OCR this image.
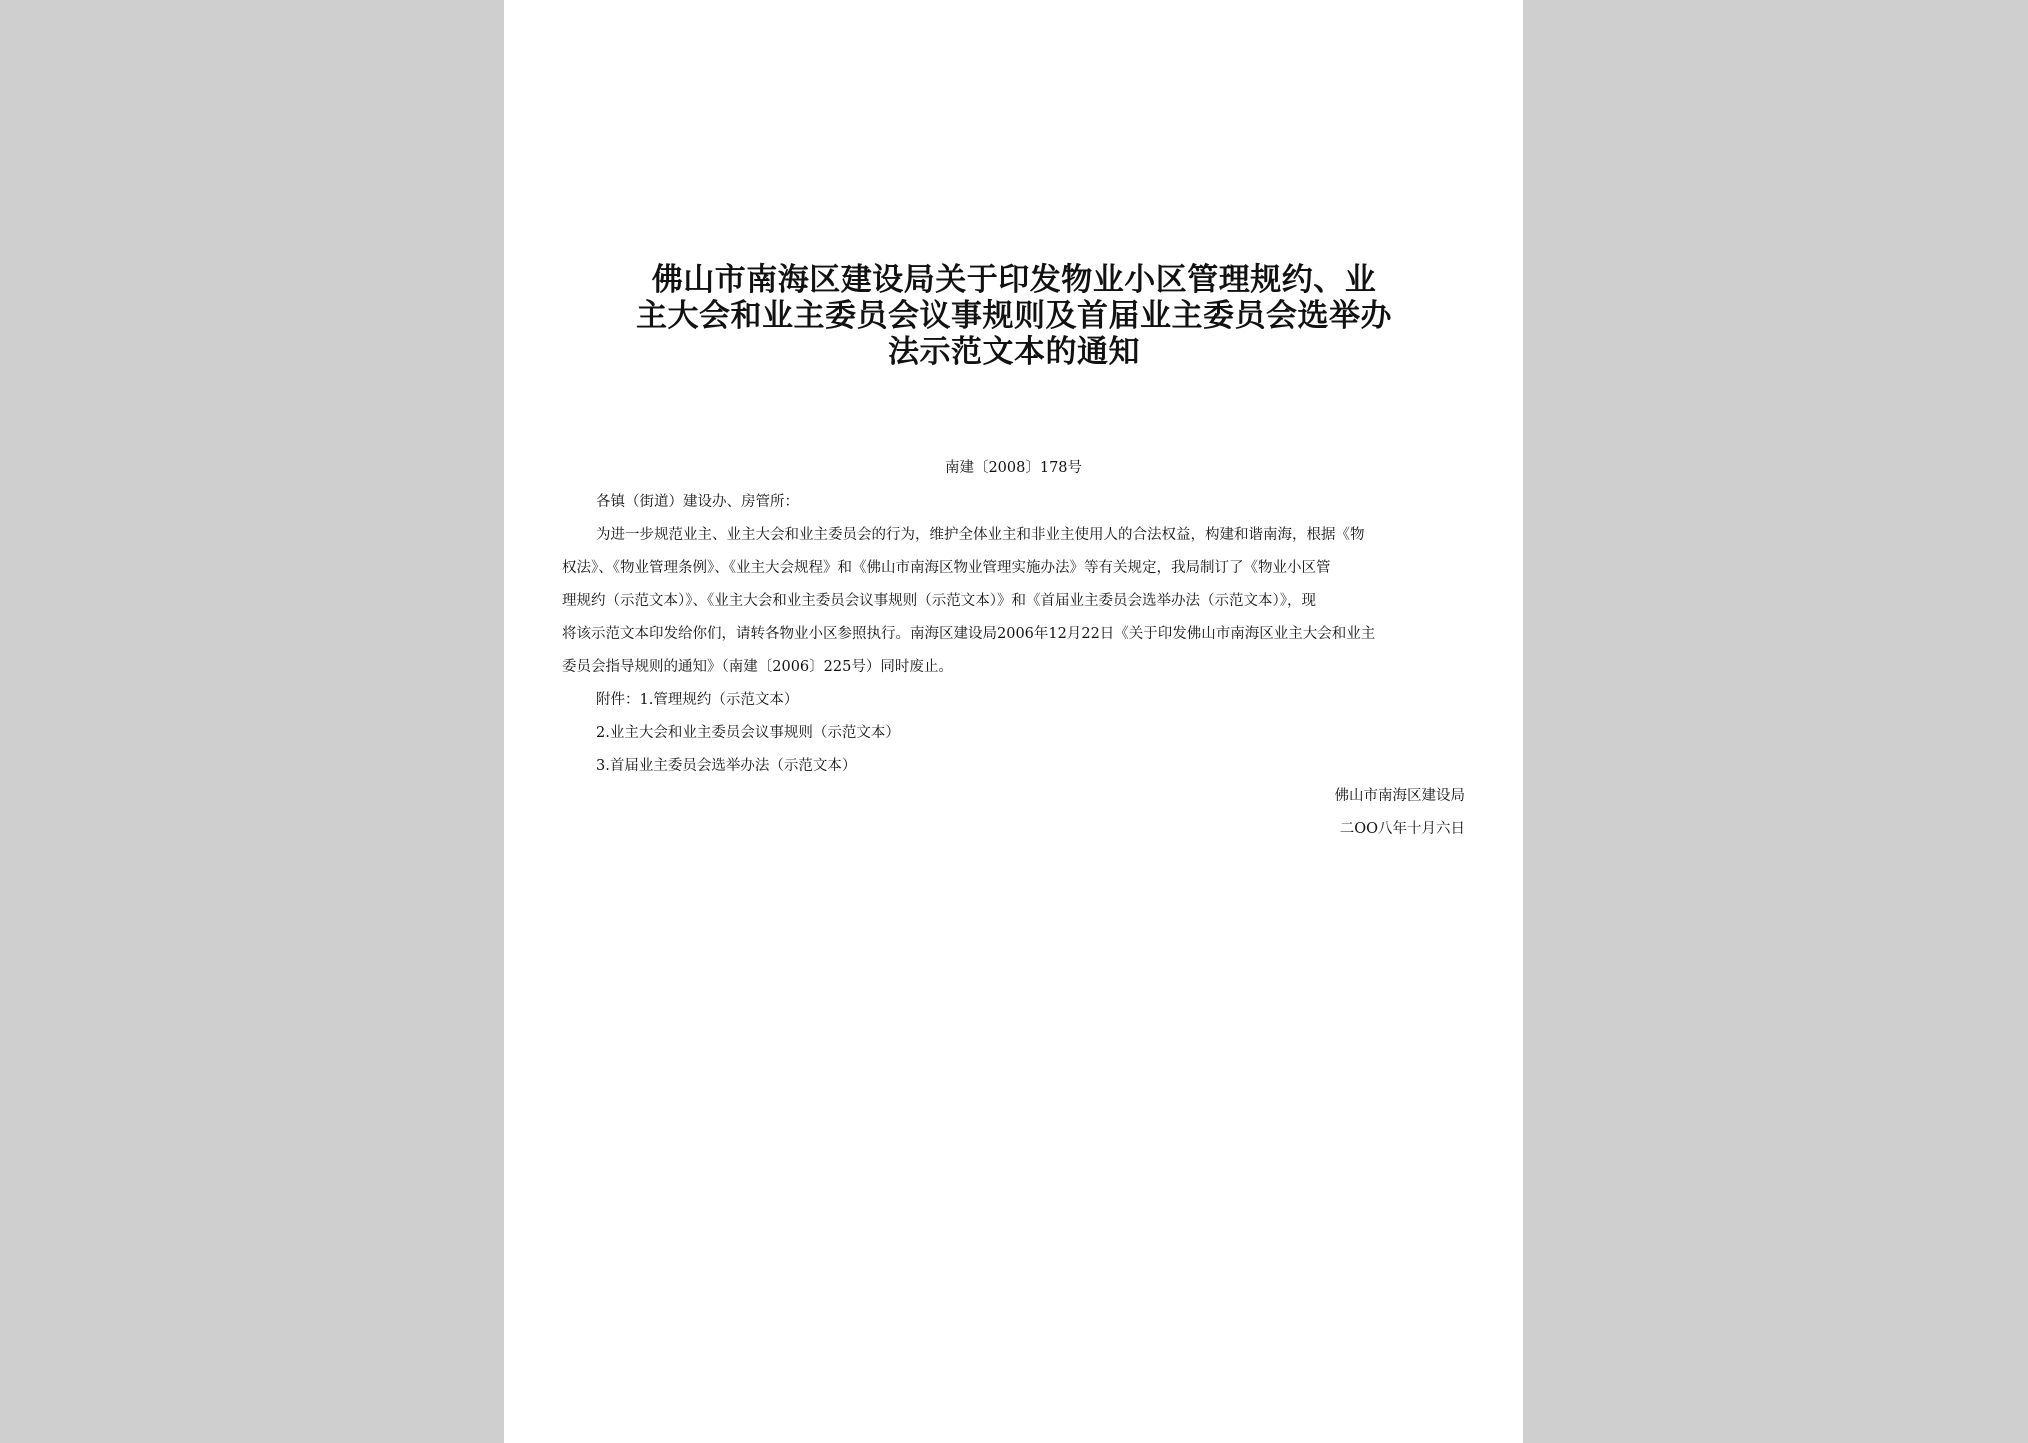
佛山市南海区建设局关于印发物业小区管理规约、业
主大会和业主委员会议事规则及首届业主委员会选举办
法示范文本的通知
南建〔2008〕178号
各镇（街道）建设办、房管所：
为进一步规范业主、业主大会和业主委员会的行为，维护全体业主和非业主使用人的合法权益，构建和谐南海，根据《物
权法》、《物业管理条例》、《业主大会规程》和《佛山市南海区物业管理实施办法》等有关规定，我局制订了《物业小区管
理规约（示范文本）》、《业主大会和业主委员会议事规则（示范文本）》和《首届业主委员会选举办法（示范文本）》，现
将该示范文本印发给你们，请转各物业小区参照执行。南海区建设局2006年12月22日《关于印发佛山市南海区业主大会和业主
委员会指导规则的通知》（南建〔2006〕225号）同时废止。
附件：1.管理规约（示范文本）
2.业主大会和业主委员会议事规则（示范文本）
3.首届业主委员会选举办法（示范文本）
佛山市南海区建设局
二OO八年十月六日
